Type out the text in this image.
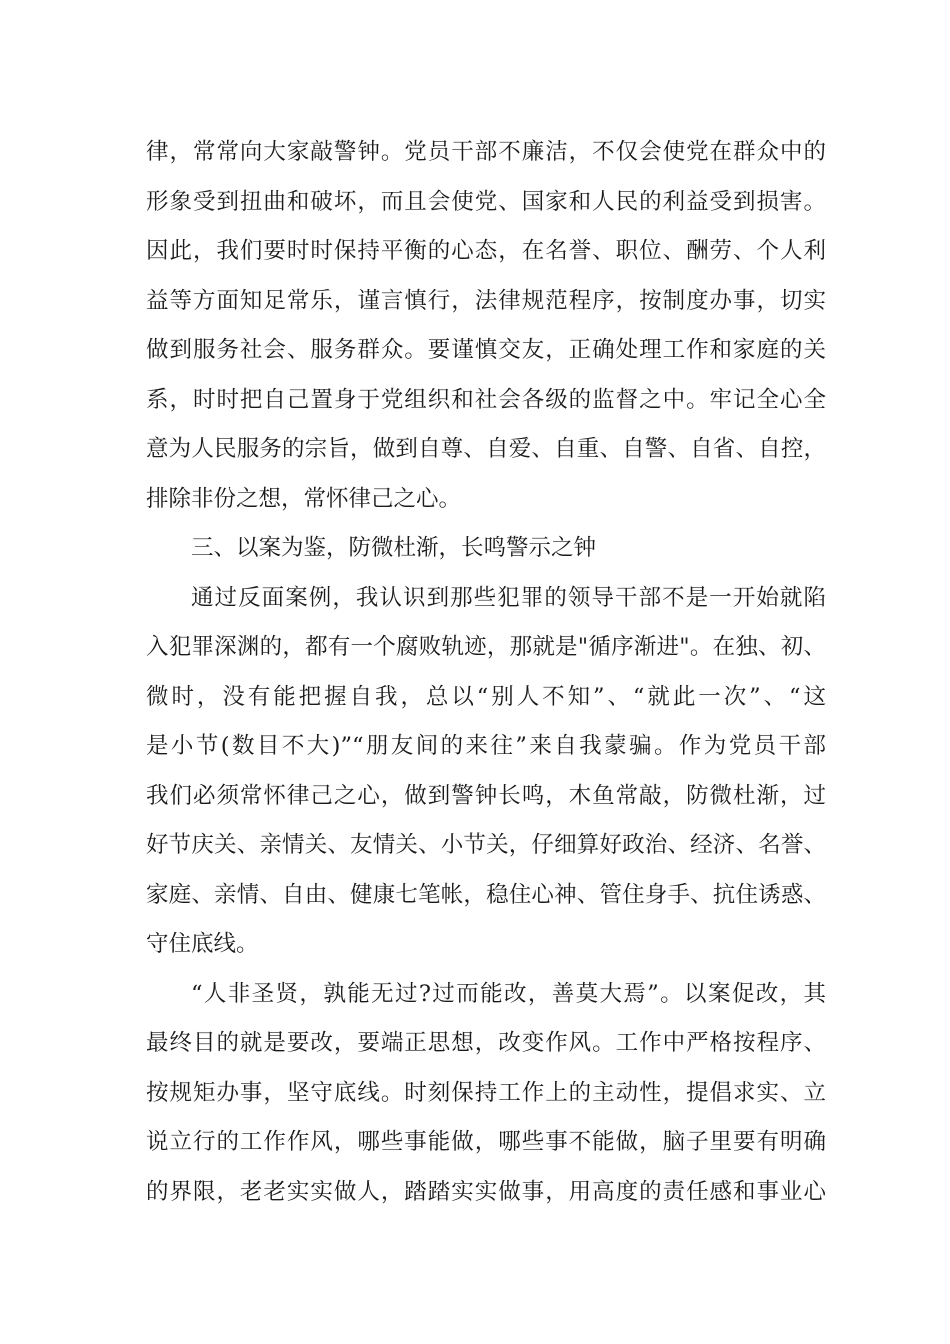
律，常常向大家敲警钟。党员干部不廉洁，不仅会使党在群众中的
形象受到扭曲和破坏，而且会使党、国家和人民的利益受到损害。
因此，我们要时时保持平衡的心态，在名誉、职位、酬劳、个人利
益等方面知足常乐，谨言慎行，法律规范程序，按制度办事，切实
做到服务社会、服务群众。要谨慎交友，正确处理工作和家庭的关
系，时时把自己置身于党组织和社会各级的监督之中。牢记全心全
意为人民服务的宗旨，做到自尊、自爱、自重、自警、自省、自控，
排除非份之想，常怀律己之心。
三、以案为鉴，防微杜渐，长鸣警示之钟
通过反面案例，我认识到那些犯罪的领导干部不是一开始就陷
入犯罪深渊的，都有一个腐败轨迹，那就是"循序渐进"。在独、初、
微时，没有能把握自我，总以“别人不知”、“就此一次”、“这
是小节(数目不大)”“朋友间的来往”来自我蒙骗。作为党员干部
我们必须常怀律己之心，做到警钟长鸣，木鱼常敲，防微杜渐，过
好节庆关、亲情关、友情关、小节关，仔细算好政治、经济、名誉、
家庭、亲情、自由、健康七笔帐，稳住心神、管住身手、抗住诱惑、
守住底线。
“人非圣贤，孰能无过?过而能改，善莫大焉”。以案促改，其
最终目的就是要改，要端正思想，改变作风。工作中严格按程序、
按规矩办事，坚守底线。时刻保持工作上的主动性，提倡求实、立
说立行的工作作风，哪些事能做，哪些事不能做，脑子里要有明确
的界限，老老实实做人，踏踏实实做事，用高度的责任感和事业心
